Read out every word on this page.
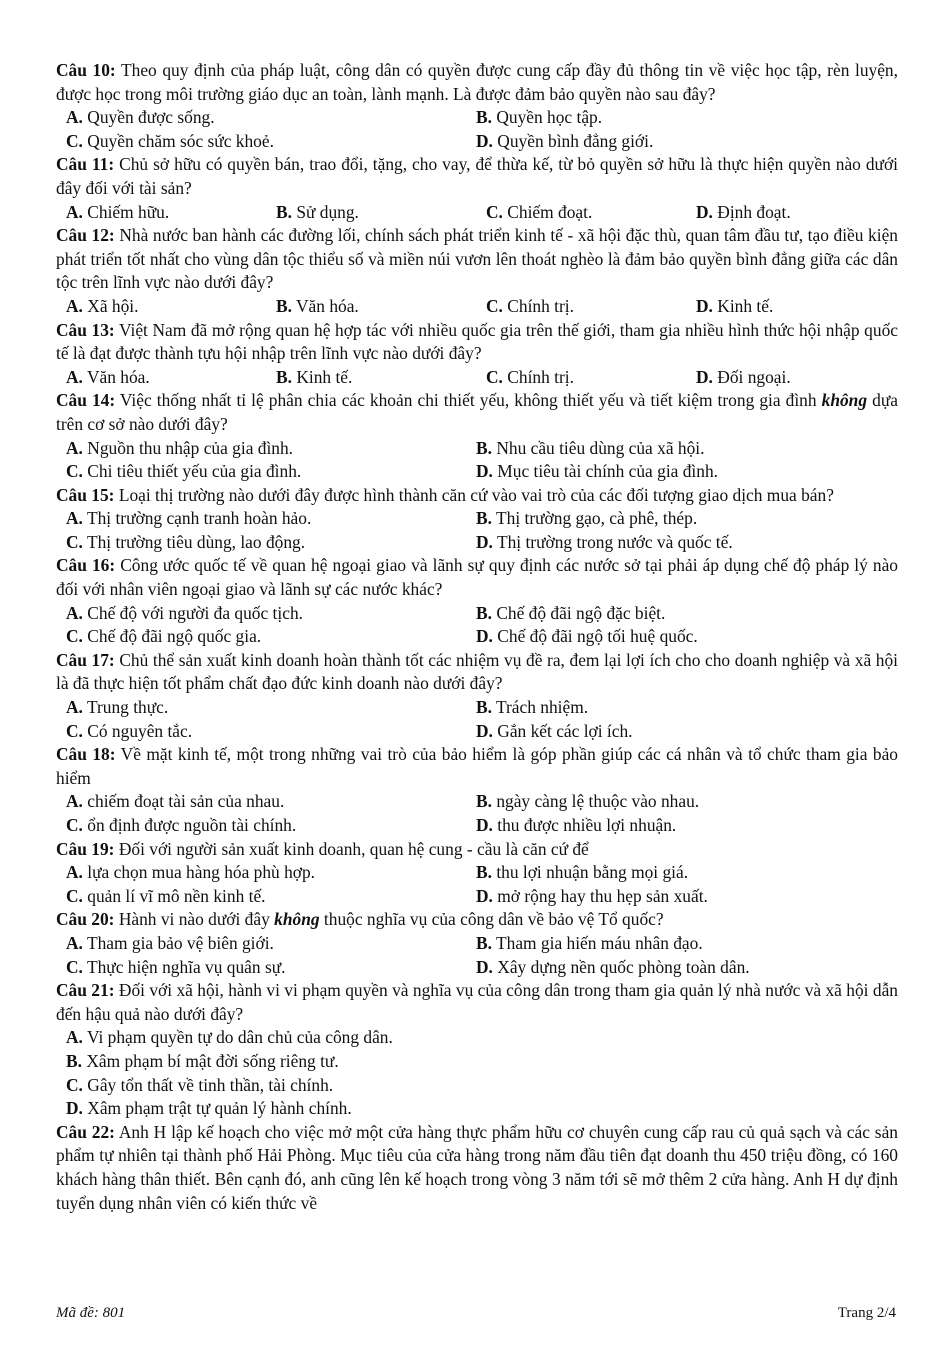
Câu 10: Theo quy định của pháp luật, công dân có quyền được cung cấp đầy đủ thông tin về việc học tập, rèn luyện, được học trong môi trường giáo dục an toàn, lành mạnh. Là được đảm bảo quyền nào sau đây?
A. Quyền được sống.	B. Quyền học tập.
C. Quyền chăm sóc sức khoẻ.	D. Quyền bình đẳng giới.
Câu 11: Chủ sở hữu có quyền bán, trao đổi, tặng, cho vay, để thừa kế, từ bỏ quyền sở hữu là thực hiện quyền nào dưới đây đối với tài sản?
A. Chiếm hữu.	B. Sử dụng.	C. Chiếm đoạt.	D. Định đoạt.
Câu 12: Nhà nước ban hành các đường lối, chính sách phát triển kinh tế - xã hội đặc thù, quan tâm đầu tư, tạo điều kiện phát triển tốt nhất cho vùng dân tộc thiểu số và miền núi vươn lên thoát nghèo là đảm bảo quyền bình đẳng giữa các dân tộc trên lĩnh vực nào dưới đây?
A. Xã hội.	B. Văn hóa.	C. Chính trị.	D. Kinh tế.
Câu 13: Việt Nam đã mở rộng quan hệ hợp tác với nhiều quốc gia trên thế giới, tham gia nhiều hình thức hội nhập quốc tế là đạt được thành tựu hội nhập trên lĩnh vực nào dưới đây?
A. Văn hóa.	B. Kinh tế.	C. Chính trị.	D. Đối ngoại.
Câu 14: Việc thống nhất tỉ lệ phân chia các khoản chi thiết yếu, không thiết yếu và tiết kiệm trong gia đình không dựa trên cơ sở nào dưới đây?
A. Nguồn thu nhập của gia đình.	B. Nhu cầu tiêu dùng của xã hội.
C. Chi tiêu thiết yếu của gia đình.	D. Mục tiêu tài chính của gia đình.
Câu 15: Loại thị trường nào dưới đây được hình thành căn cứ vào vai trò của các đối tượng giao dịch mua bán?
A. Thị trường cạnh tranh hoàn hảo.	B. Thị trường gạo, cà phê, thép.
C. Thị trường tiêu dùng, lao động.	D. Thị trường trong nước và quốc tế.
Câu 16: Công ước quốc tế về quan hệ ngoại giao và lãnh sự quy định các nước sở tại phải áp dụng chế độ pháp lý nào đối với nhân viên ngoại giao và lãnh sự các nước khác?
A. Chế độ với người đa quốc tịch.	B. Chế độ đãi ngộ đặc biệt.
C. Chế độ đãi ngộ quốc gia.	D. Chế độ đãi ngộ tối huệ quốc.
Câu 17: Chủ thể sản xuất kinh doanh hoàn thành tốt các nhiệm vụ đề ra, đem lại lợi ích cho cho doanh nghiệp và xã hội là đã thực hiện tốt phẩm chất đạo đức kinh doanh nào dưới đây?
A. Trung thực.	B. Trách nhiệm.
C. Có nguyên tắc.	D. Gắn kết các lợi ích.
Câu 18: Về mặt kinh tế, một trong những vai trò của bảo hiểm là góp phần giúp các cá nhân và tổ chức tham gia bảo hiểm
A. chiếm đoạt tài sản của nhau.	B. ngày càng lệ thuộc vào nhau.
C. ổn định được nguồn tài chính.	D. thu được nhiều lợi nhuận.
Câu 19: Đối với người sản xuất kinh doanh, quan hệ cung - cầu là căn cứ để
A. lựa chọn mua hàng hóa phù hợp.	B. thu lợi nhuận bằng mọi giá.
C. quản lí vĩ mô nền kinh tế.	D. mở rộng hay thu hẹp sản xuất.
Câu 20: Hành vi nào dưới đây không thuộc nghĩa vụ của công dân về bảo vệ Tổ quốc?
A. Tham gia bảo vệ biên giới.	B. Tham gia hiến máu nhân đạo.
C. Thực hiện nghĩa vụ quân sự.	D. Xây dựng nền quốc phòng toàn dân.
Câu 21: Đối với xã hội, hành vi vi phạm quyền và nghĩa vụ của công dân trong tham gia quản lý nhà nước và xã hội dẫn đến hậu quả nào dưới đây?
A. Vi phạm quyền tự do dân chủ của công dân.
B. Xâm phạm bí mật đời sống riêng tư.
C. Gây tổn thất về tinh thần, tài chính.
D. Xâm phạm trật tự quản lý hành chính.
Câu 22: Anh H lập kế hoạch cho việc mở một cửa hàng thực phẩm hữu cơ chuyên cung cấp rau củ quả sạch và các sản phẩm tự nhiên tại thành phố Hải Phòng. Mục tiêu của cửa hàng trong năm đầu tiên đạt doanh thu 450 triệu đồng, có 160 khách hàng thân thiết. Bên cạnh đó, anh cũng lên kế hoạch trong vòng 3 năm tới sẽ mở thêm 2 cửa hàng. Anh H dự định tuyển dụng nhân viên có kiến thức về
Mã đề: 801	Trang 2/4
